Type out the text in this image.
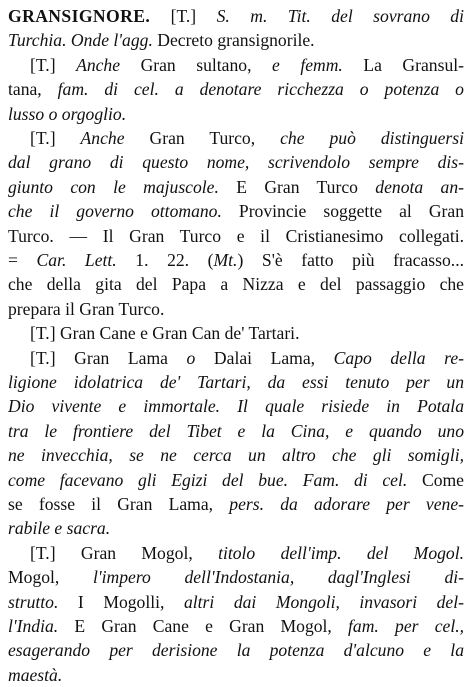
GRANSIGNORE. [T.] S. m. Tit. del sovrano di
Turchia. Onde l'agg. Decreto gransignorile.
[T.] Anche Gran sultano, e femm. La Gransul-
tana, fam. di cel. a denotare ricchezza o potenza o
lusso o orgoglio.
[T.] Anche Gran Turco, che può distinguersi
dal grano di questo nome, scrivendolo sempre dis-
giunto con le majuscole. E Gran Turco denota an-
che il governo ottomano. Provincie soggette al Gran
Turco. — Il Gran Turco e il Cristianesimo collegati.
= Car. Lett. 1. 22. (Mt.) S'è fatto più fracasso...
che della gita del Papa a Nizza e del passaggio che
prepara il Gran Turco.
[T.] Gran Cane e Gran Can de' Tartari.
[T.] Gran Lama o Dalai Lama, Capo della re-
ligione idolatrica de' Tartari, da essi tenuto per un
Dio vivente e immortale. Il quale risiede in Potala
tra le frontiere del Tibet e la Cina, e quando uno
ne invecchia, se ne cerca un altro che gli somigli,
come facevano gli Egizi del bue. Fam. di cel. Come
se fosse il Gran Lama, pers. da adorare per vene-
rabile e sacra.
[T.] Gran Mogol, titolo dell'imp. del Mogol.
Mogol, l'impero dell'Indostania, dagl'Inglesi di-
strutto. I Mogolli, altri dai Mongoli, invasori del-
l'India. E Gran Cane e Gran Mogol, fam. per cel.,
esagerando per derisione la potenza d'alcuno e la
maestà.
